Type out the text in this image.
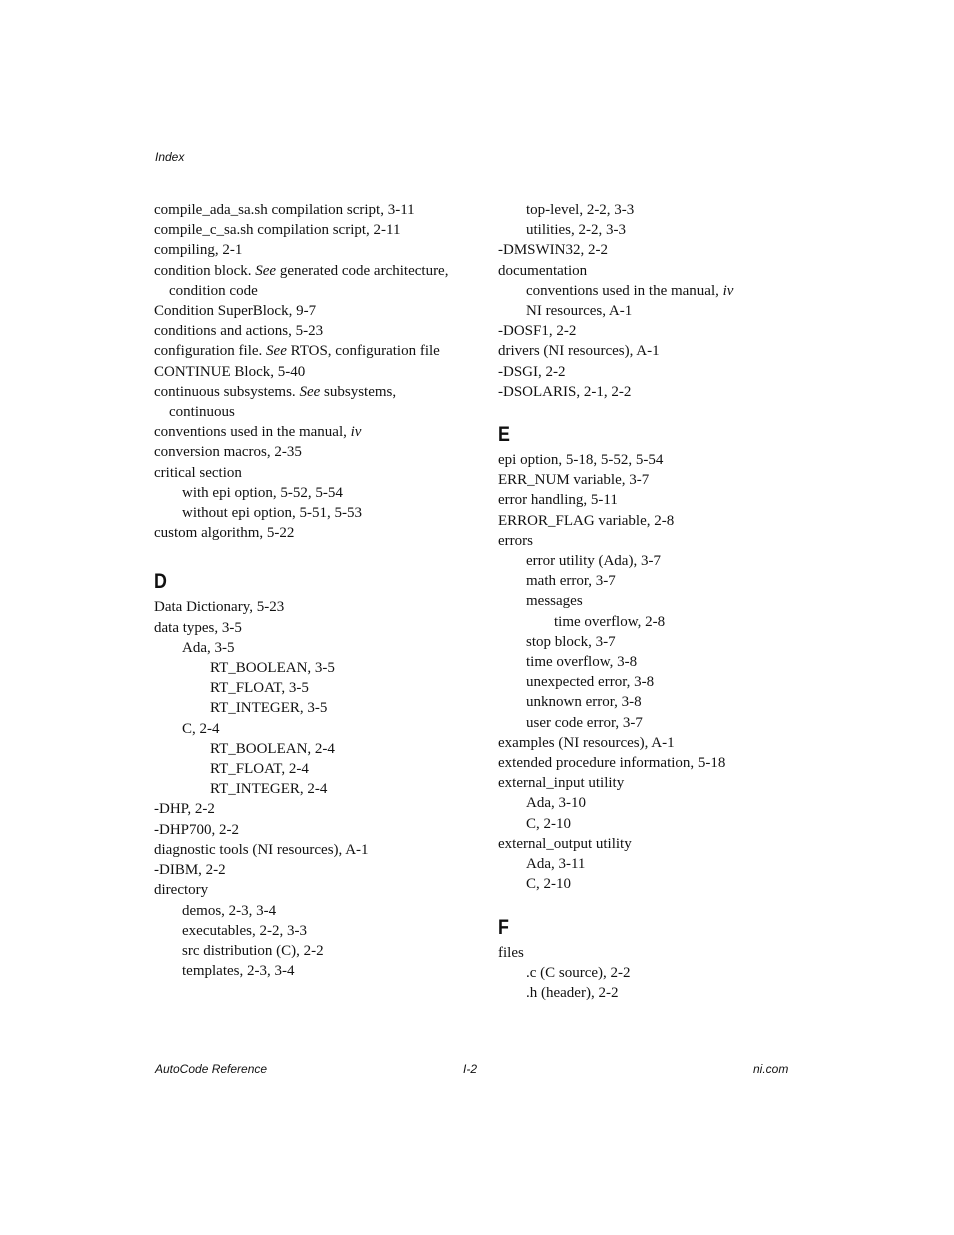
Index
compile_ada_sa.sh compilation script, 3-11
compile_c_sa.sh compilation script, 2-11
compiling, 2-1
condition block. See generated code architecture, condition code
Condition SuperBlock, 9-7
conditions and actions, 5-23
configuration file. See RTOS, configuration file
CONTINUE Block, 5-40
continuous subsystems. See subsystems, continuous
conventions used in the manual, iv
conversion macros, 2-35
critical section
with epi option, 5-52, 5-54
without epi option, 5-51, 5-53
custom algorithm, 5-22
D
Data Dictionary, 5-23
data types, 3-5
Ada, 3-5
RT_BOOLEAN, 3-5
RT_FLOAT, 3-5
RT_INTEGER, 3-5
C, 2-4
RT_BOOLEAN, 2-4
RT_FLOAT, 2-4
RT_INTEGER, 2-4
-DHP, 2-2
-DHP700, 2-2
diagnostic tools (NI resources), A-1
-DIBM, 2-2
directory
demos, 2-3, 3-4
executables, 2-2, 3-3
src distribution (C), 2-2
templates, 2-3, 3-4
top-level, 2-2, 3-3
utilities, 2-2, 3-3
-DMSWIN32, 2-2
documentation
conventions used in the manual, iv
NI resources, A-1
-DOSF1, 2-2
drivers (NI resources), A-1
-DSGI, 2-2
-DSOLARIS, 2-1, 2-2
E
epi option, 5-18, 5-52, 5-54
ERR_NUM variable, 3-7
error handling, 5-11
ERROR_FLAG variable, 2-8
errors
error utility (Ada), 3-7
math error, 3-7
messages
time overflow, 2-8
stop block, 3-7
time overflow, 3-8
unexpected error, 3-8
unknown error, 3-8
user code error, 3-7
examples (NI resources), A-1
extended procedure information, 5-18
external_input utility
Ada, 3-10
C, 2-10
external_output utility
Ada, 3-11
C, 2-10
F
files
.c (C source), 2-2
.h (header), 2-2
AutoCode Reference	I-2	ni.com
